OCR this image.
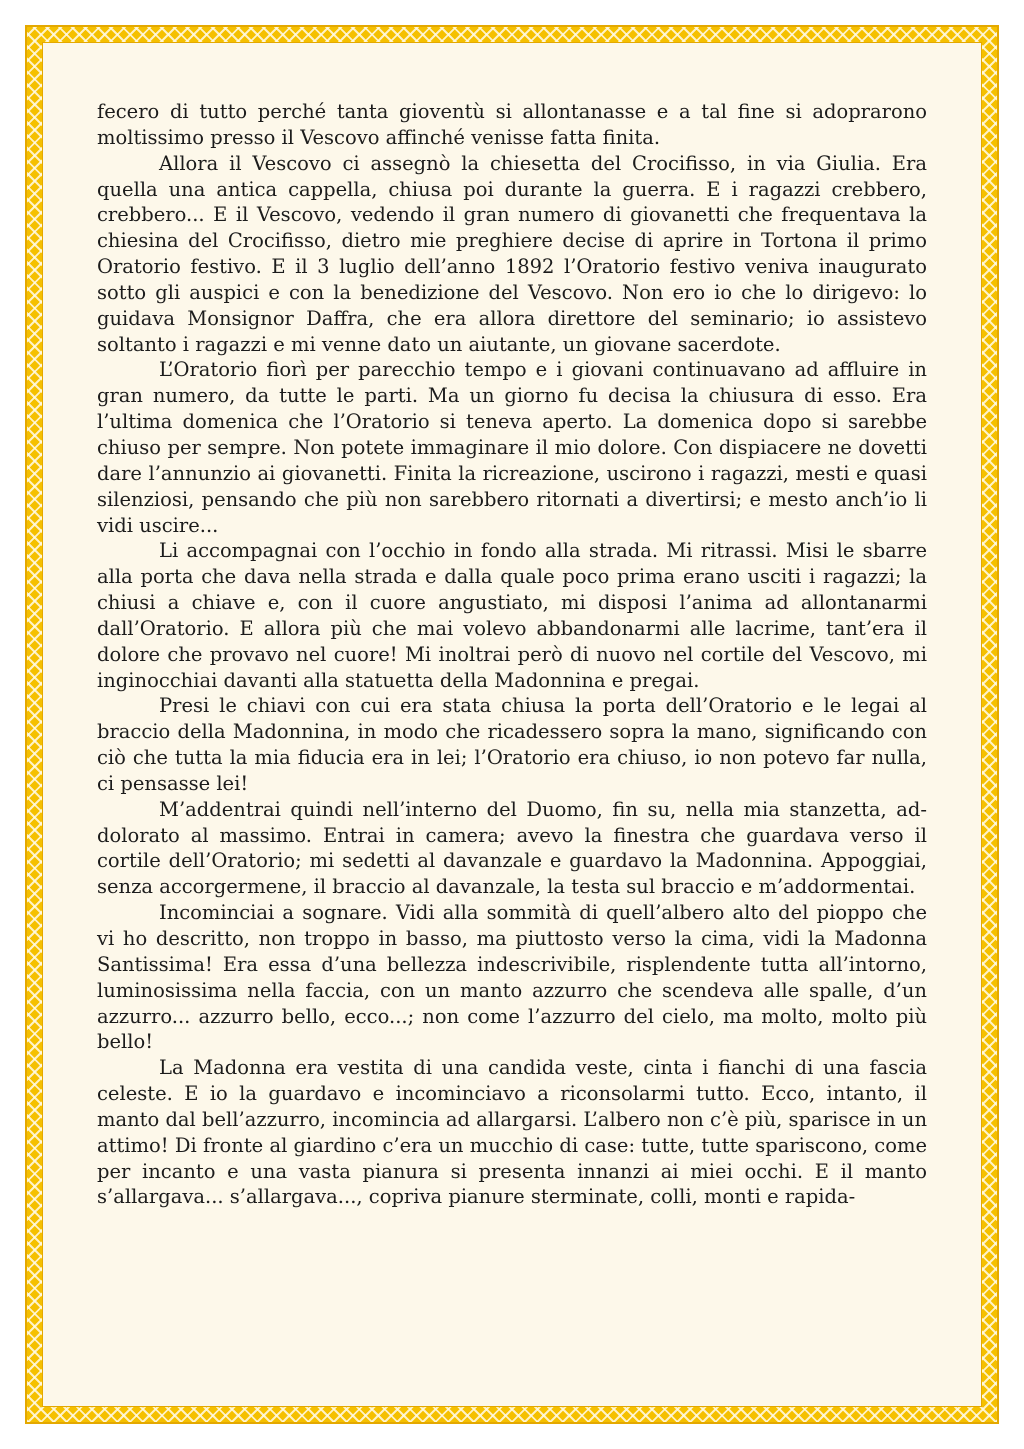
fecero di tutto perché tanta gioventù si allontanasse e a tal fine si adoprarono moltissimo presso il Vescovo affinché venisse fatta finita.

Allora il Vescovo ci assegnò la chiesetta del Crocifisso, in via Giulia. Era quella una antica cappella, chiusa poi durante la guerra. E i ragazzi crebbero, crebbero... E il Vescovo, vedendo il gran numero di giovanetti che frequentava la chiesina del Crocifisso, dietro mie preghiere decise di aprire in Tortona il primo Oratorio festivo. E il 3 luglio dell’anno 1892 l’Oratorio festivo veniva inaugurato sotto gli auspici e con la benedizione del Vescovo. Non ero io che lo dirigevo: lo guidava Monsignor Daffra, che era allora direttore del seminario; io assistevo soltanto i ragazzi e mi venne dato un aiutante, un giovane sacerdote.

L’Oratorio fiorì per parecchio tempo e i giovani continuavano ad affluire in gran numero, da tutte le parti. Ma un giorno fu decisa la chiusura di esso. Era l’ultima domenica che l’Oratorio si teneva aperto. La domenica dopo si sarebbe chiuso per sempre. Non potete immaginare il mio dolore. Con dispiacere ne dovetti dare l’annunzio ai giovanetti. Finita la ricreazione, uscirono i ragazzi, mesti e quasi silenziosi, pensando che più non sarebbero ritornati a divertirsi; e mesto anch’io li vidi uscire...

Li accompagnai con l’occhio in fondo alla strada. Mi ritrassi. Misi le sbarre alla porta che dava nella strada e dalla quale poco prima erano usciti i ragazzi; la chiusi a chiave e, con il cuore angustiato, mi disposi l’anima ad allontanarmi dall’Oratorio. E allora più che mai volevo abbandonarmi alle lacrime, tant’era il dolore che provavo nel cuore! Mi inoltrai però di nuovo nel cortile del Vescovo, mi inginocchiai davanti alla statuetta della Madonnina e pregai.

Presi le chiavi con cui era stata chiusa la porta dell’Oratorio e le legai al braccio della Madonnina, in modo che ricadessero sopra la mano, significando con ciò che tutta la mia fiducia era in lei; l’Oratorio era chiuso, io non potevo far nulla, ci pensasse lei!

M’addentrai quindi nell’interno del Duomo, fin su, nella mia stanzetta, addolorato al massimo. Entrai in camera; avevo la finestra che guardava verso il cortile dell’Oratorio; mi sedetti al davanzale e guardavo la Madonnina. Appoggiai, senza accorgermene, il braccio al davanzale, la testa sul braccio e m’addormentai.

Incominciai a sognare. Vidi alla sommità di quell’albero alto del pioppo che vi ho descritto, non troppo in basso, ma piuttosto verso la cima, vidi la Madonna Santissima! Era essa d’una bellezza indescrivibile, risplendente tutta all’intorno, luminosissima nella faccia, con un manto azzurro che scendeva alle spalle, d’un azzurro... azzurro bello, ecco...; non come l’azzurro del cielo, ma molto, molto più bello!

La Madonna era vestita di una candida veste, cinta i fianchi di una fascia celeste. E io la guardavo e incominciavo a riconsolarmi tutto. Ecco, intanto, il manto dal bell’azzurro, incomincia ad allargarsi. L’albero non c’è più, sparisce in un attimo! Di fronte al giardino c’era un mucchio di case: tutte, tutte spariscono, come per incanto e una vasta pianura si presenta innanzi ai miei occhi. E il manto s’allargava... s’allargava..., copriva pianure sterminate, colli, monti e rapida-
